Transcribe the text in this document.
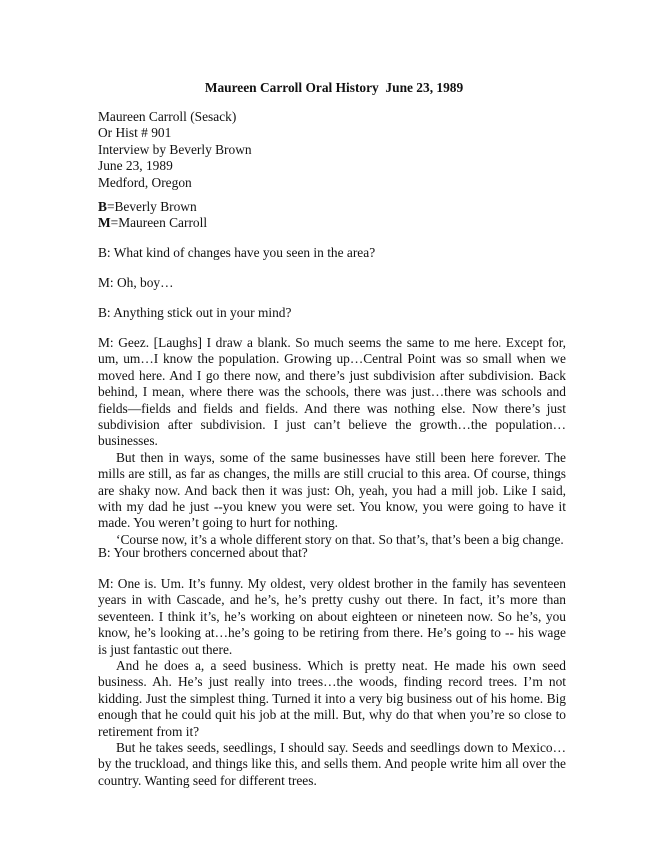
Maureen Carroll Oral History  June 23, 1989
Maureen Carroll (Sesack)
Or Hist # 901
Interview by Beverly Brown
June 23, 1989
Medford, Oregon
B=Beverly Brown
M=Maureen Carroll
B: What kind of changes have you seen in the area?
M: Oh, boy…
B: Anything stick out in your mind?

M: Geez. [Laughs] I draw a blank. So much seems the same to me here. Except for, um, um…I know the population. Growing up…Central Point was so small when we moved here. And I go there now, and there’s just subdivision after subdivision. Back behind, I mean, where there was the schools, there was just…there was schools and fields—fields and fields and fields. And there was nothing else. Now there’s just subdivision after subdivision. I just can’t believe the growth…the population…businesses.

But then in ways, some of the same businesses have still been here forever. The mills are still, as far as changes, the mills are still crucial to this area. Of course, things are shaky now. And back then it was just: Oh, yeah, you had a mill job. Like I said, with my dad he just --you knew you were set. You know, you were going to have it made. You weren’t going to hurt for nothing.

‘Course now, it’s a whole different story on that. So that’s, that’s been a big change.

B: Your brothers concerned about that?

M: One is. Um. It’s funny. My oldest, very oldest brother in the family has seventeen years in with Cascade, and he’s, he’s pretty cushy out there. In fact, it’s more than seventeen. I think it’s, he’s working on about eighteen or nineteen now. So he’s, you know, he’s looking at…he’s going to be retiring from there. He’s going to -- his wage is just fantastic out there.

And he does a, a seed business. Which is pretty neat. He made his own seed business. Ah. He’s just really into trees…the woods, finding record trees. I’m not kidding. Just the simplest thing. Turned it into a very big business out of his home. Big enough that he could quit his job at the mill. But, why do that when you’re so close to retirement from it?

But he takes seeds, seedlings, I should say. Seeds and seedlings down to Mexico…by the truckload, and things like this, and sells them. And people write him all over the country. Wanting seed for different trees.
